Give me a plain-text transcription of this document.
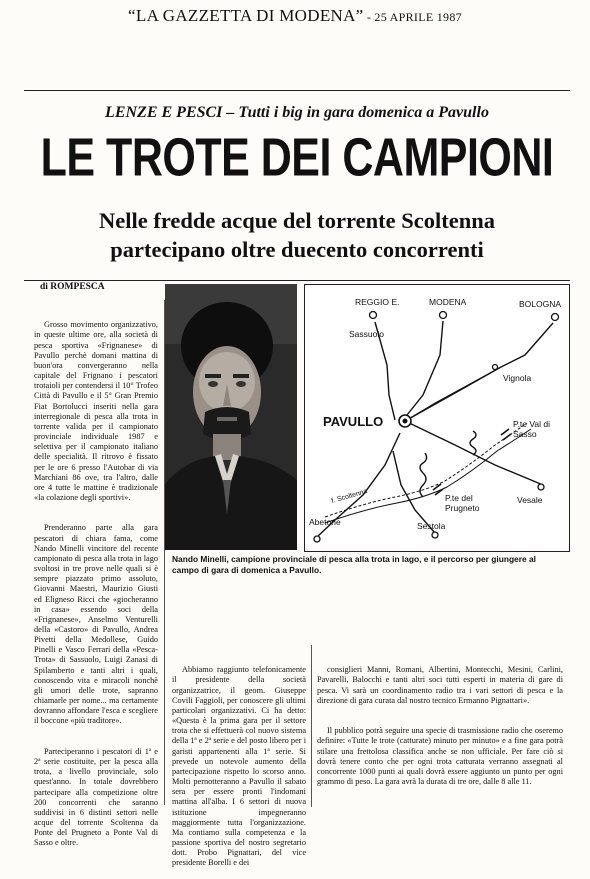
“LA GAZZETTA DI MODENA” - 25 APRILE 1987
LENZE E PESCI – Tutti i big in gara domenica a Pavullo
LE TROTE DEI CAMPIONI
Nelle fredde acque del torrente Scoltenna
partecipano oltre duecento concorrenti
di ROMPESCA

Grosso movimento organizzativo, in queste ultime ore, alla società di pesca sportiva «Frignanese» di Pavullo perchè domani mattina di buon'ora convergeranno nella capitale del Frignano i pescatori trotaioli per contendersi il 10° Trofeo Città di Pavullo e il 5° Gran Premio Fiat Bortolucci inseriti nella gara interregionale di pesca alla trota in torrente valida per il campionato provinciale individuale 1987 e selettiva per il campionato italiano delle specialità. Il ritrovo è fissato per le ore 6 presso l'Autobar di via Marchiani 86 ove, tra l'altro, dalle ore 4 tutte le mattine è tradizionale «la colazione degli sportivi».

Prenderanno parte alla gara pescatori di chiara fama, come Nando Minelli vincitore del recente campionato di pesca alla trota in lago svoltosi in tre prove nelle quali si è sempre piazzato primo assoluto, Giovanni Maestri, Maurizio Giusti ed Eligneso Ricci che «giocheranno in casa» essendo soci della «Frignanese», Anselmo Venturelli della «Castoro» di Pavullo, Andrea Pivetti della Medollese, Guido Pinelli e Vasco Ferrari della «Pesca-Trota» di Sassuolo, Luigi Zanasi di Spilamberto e tanti altri i quali, conoscendo vita e miracoli nonchè gli umori delle trote, sapranno chiamarle per nome... ma certamente dovranno affondare l'esca e scegliere il boccone «più traditore».

Parteciperanno i pescatori di 1ª e 2ª serie costituite, per la pesca alla trota, a livello provinciale, solo quest'anno. In totale dovrebbero partecipare alla competizione oltre 200 concorrenti che saranno suddivisi in 6 distinti settori nelle acque del torrente Scoltenna da Ponte del Prugneto a Ponte Val di Sasso e oltre.

REGGIO E.	MODENA
Sassuolo
BOLOGNA
Vignola
PAVULLO	P.te Val di Sasso
Vesale
P.te del Prugneto
Abetone	Sestola
f. Scoltenna
Nando Minelli, campione provinciale di pesca alla trota in lago, e il percorso per giungere al campo di gara di domenica a Pavullo.

Abbiamo raggiunto telefonicamente il presidente della società organizzatrice, il geom. Giuseppe Covili Faggioli, per conoscere gli ultimi particolari organizzativi. Ci ha detto: «Questa è la prima gara per il settore trota che si effettuerà col nuovo sistema della 1ª e 2ª serie e del posto libero per i garisti appartenenti alla 1ª serie. Si prevede un notevole aumento della partecipazione rispetto lo scorso anno. Molti pernotteranno a Pavullo il sabato sera per essere pronti l'indomani mattina all'alba. I 6 settori di nuova istituzione impegneranno maggiormente tutta l'organizzazione. Ma contiamo sulla competenza e la passione sportiva del nostro segretario dott. Probo Pignattari, del vice presidente Borelli e dei

consiglieri Manni, Romani, Albertini, Montecchi, Mesini, Carlini, Pavarelli, Balocchi e tanti altri soci tutti esperti in materia di gare di pesca. Vi sarà un coordinamento radio tra i vari settori di pesca e la direzione di gara curata dal nostro tecnico Ermanno Pignattari».

Il pubblico potrà seguire una specie di trasmissione radio che oseremo definire: «Tutte le trote (catturate) minuto per minuto» e a fine gara potrà stilare una frettolosa classifica anche se non ufficiale. Per fare ciò si dovrà tenere conto che per ogni trota catturata verranno assegnati al concorrente 1000 punti ai quali dovrà essere aggiunto un punto per ogni grammo di peso. La gara avrà la durata di tre ore, dalle 8 alle 11.
